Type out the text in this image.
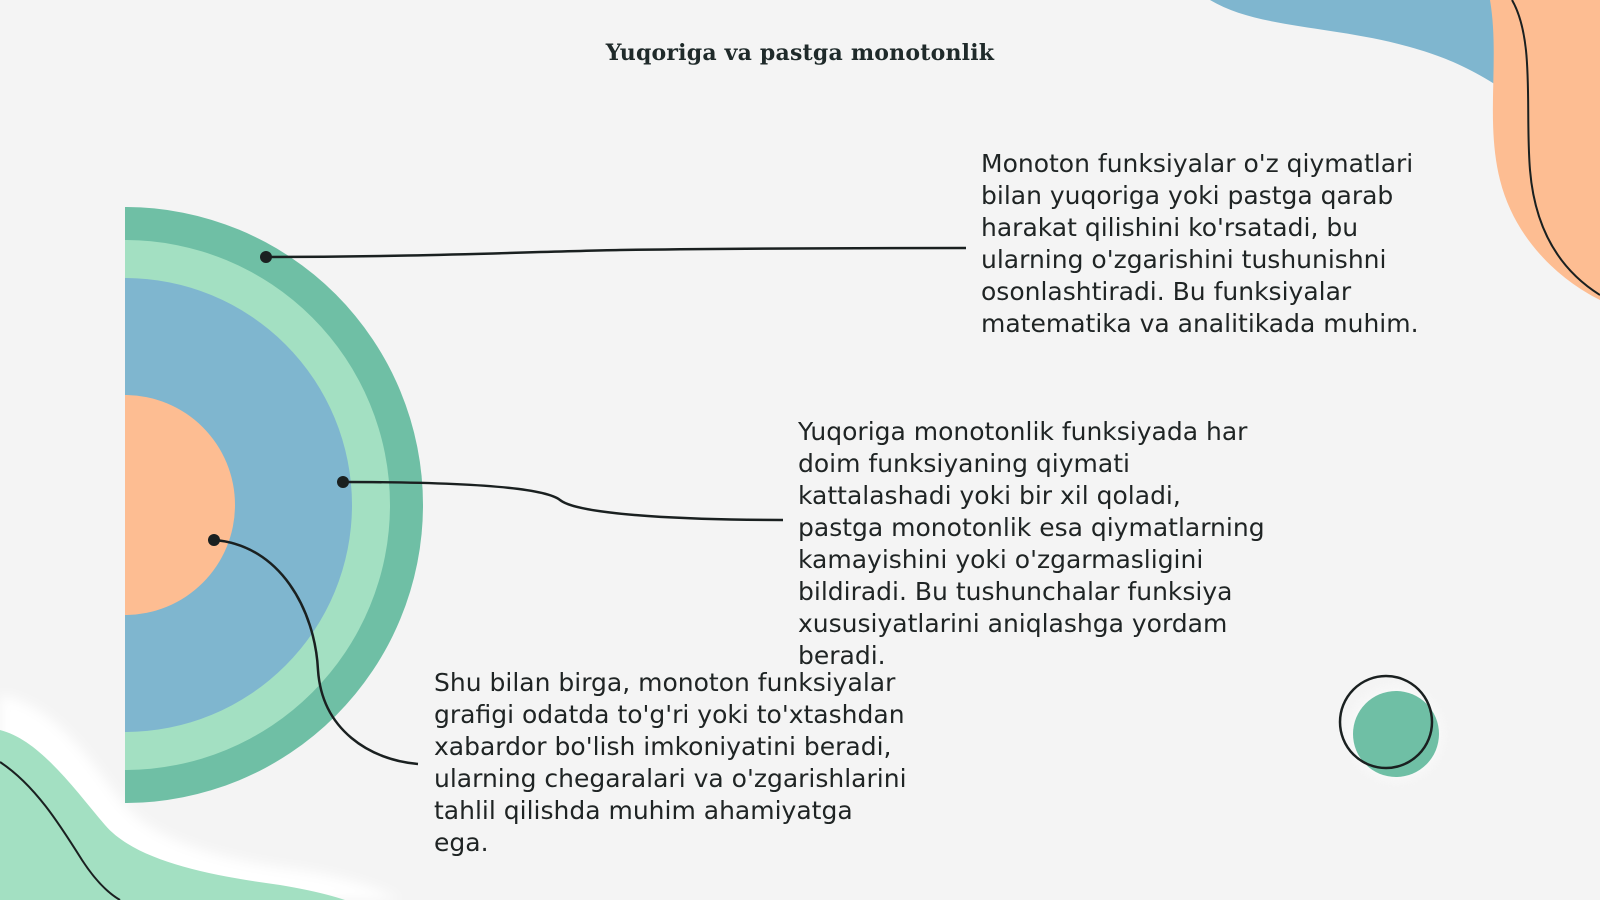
Yuqoriga va pastga monotonlik

Monoton funksiyalar o'z qiymatlari bilan yuqoriga yoki pastga qarab harakat qilishini ko'rsatadi, bu ularning o'zgarishini tushunishni osonlashtiradi. Bu funksiyalar matematika va analitikada muhim.

Yuqoriga monotonlik funksiyada har doim funksiyaning qiymati kattalashadi yoki bir xil qoladi, pastga monotonlik esa qiymatlarning kamayishini yoki o'zgarmasligini bildiradi. Bu tushunchalar funksiya xususiyatlarini aniqlashga yordam beradi.

Shu bilan birga, monoton funksiyalar grafigi odatda to'g'ri yoki to'xtashdan xabardor bo'lish imkoniyatini beradi, ularning chegaralari va o'zgarishlarini tahlil qilishda muhim ahamiyatga ega.
